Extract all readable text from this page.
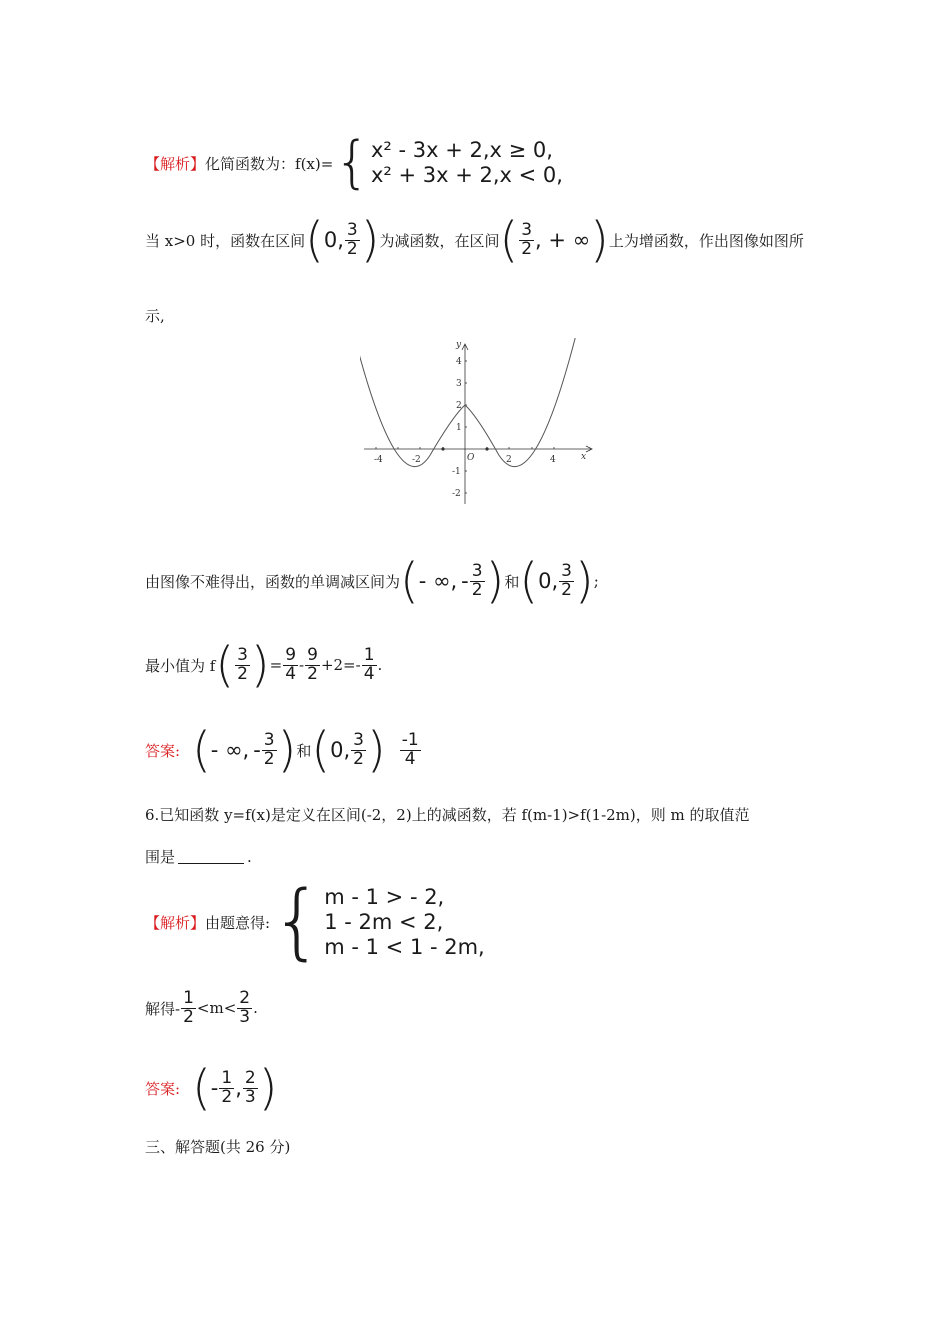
【解析】 化简函数为：f(x)= { x² - 3x + 2,x ≥ 0,
x² + 3x + 2,x < 0,
当 x>0 时，函数在区间 ( 0 , $\frac{3}{2}$ ) 为减函数，在区间 ( $\frac{3}{2}$ , + ∞ ) 上为增函数，作出图像如图所
示,
-4	-2	2	4
4
3
2
1
-1
-2
O
y
x
由图像不难得出，函数的单调减区间为 ( - ∞, - $\frac{3}{2}$ ) 和 ( 0 , $\frac{3}{2}$ ) ;
最小值为 f ( $\frac{3}{2}$ ) = $\frac{9}{4} - \frac{9}{2} +2=- \frac{1}{4}$ .
答案: ( - ∞, - $\frac{3}{2}$ ) 和 ( 0 , $\frac{3}{2}$ ) $\frac{-1}{4}$
6.已知函数 y=f(x)是定义在区间(-2，2)上的减函数，若 f(m-1)>f(1-2m)，则 m 的取值范
围是	.
【解析】 由题意得: { m - 1 > - 2,
1 - 2m < 2,
m - 1 < 1 - 2m,
解得- $\frac{1}{2} <m< \frac{2}{3}$ .
答案: ( - $\frac{1}{2}$ , $\frac{2}{3}$ )
三、解答题(共 26 分)
